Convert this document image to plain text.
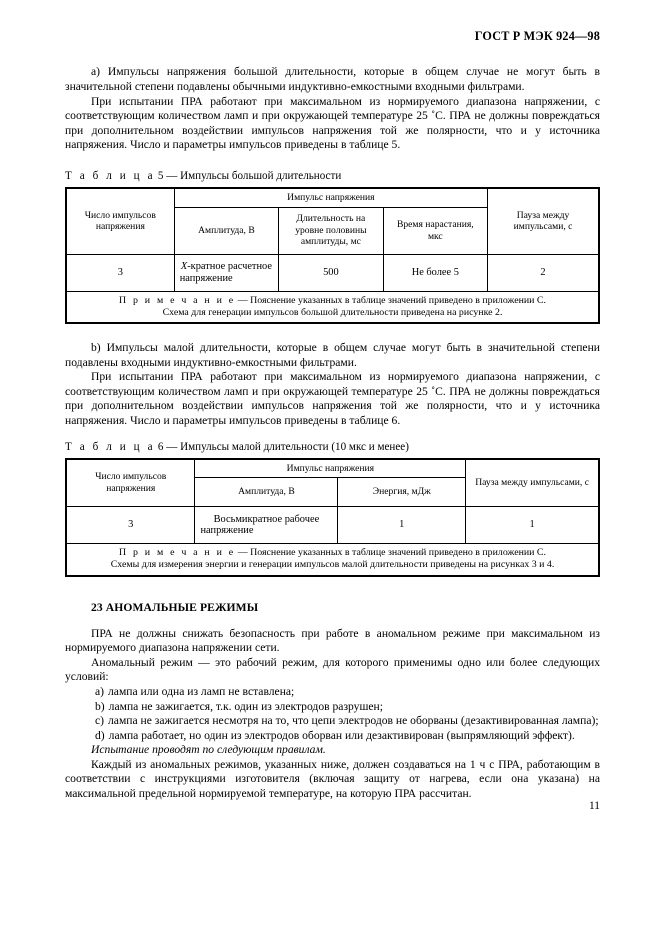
ГОСТ Р МЭК 924—98

а) Импульсы напряжения большой длительности, которые в общем случае не могут быть в значительной степени подавлены обычными индуктивно-емкостными входными фильтрами.

При испытании ПРА работают при максимальном из нормируемого диапазона напряжении, с соответствующим количеством ламп и при окружающей температуре 25 ˚С. ПРА не должны повреждаться при дополнительном воздействии импульсов напряжения той же полярности, что и у источника напряжения. Число и параметры импульсов приведены в таблице 5.

Т а б л и ц а 5 — Импульсы большой длительности
Число импульсов напряжения	Импульс напряжения			Пауза между импульсами, с
	Амплитуда, В	Длительность на уровне половины амплитуды, мс	Время нарастания, мкс	
3	X-кратное расчетное напряжение	500	Не более 5	2
П р и м е ч а н и е — Пояснение указанных в таблице значений приведено в приложении С.
Схема для генерации импульсов большой длительности приведена на рисунке 2.				

b) Импульсы малой длительности, которые в общем случае могут быть в значительной степени подавлены входными индуктивно-емкостными фильтрами.

При испытании ПРА работают при максимальном из нормируемого диапазона напряжении, с соответствующим количеством ламп и при окружающей температуре 25 ˚С. ПРА не должны повреждаться при дополнительном воздействии импульсов напряжения той же полярности, что и у источника напряжения. Число и параметры импульсов приведены в таблице 6.

Т а б л и ц а 6 — Импульсы малой длительности (10 мкс и менее)
Число импульсов напряжения	Импульс напряжения		Пауза между импульсами, с
	Амплитуда, В	Энергия, мДж	
3	Восьмикратное рабочее напряжение	1	1
П р и м е ч а н и е — Пояснение указанных в таблице значений приведено в приложении С.
Схемы для измерения энергии и генерации импульсов малой длительности приведены на рисунках 3 и 4.			
23 АНОМАЛЬНЫЕ РЕЖИМЫ

ПРА не должны снижать безопасность при работе в аномальном режиме при максимальном из нормируемого диапазона напряжении сети.

Аномальный режим — это рабочий режим, для которого применимы одно или более следующих условий:

а) лампа или одна из ламп не вставлена;

b) лампа не зажигается, т.к. один из электродов разрушен;

с) лампа не зажигается несмотря на то, что цепи электродов не оборваны (дезактивированная лампа);

d) лампа работает, но один из электродов оборван или дезактивирован (выпрямляющий эффект).

Испытание проводят по следующим правилам.

Каждый из аномальных режимов, указанных ниже, должен создаваться на 1 ч с ПРА, работающим в соответствии с инструкциями изготовителя (включая защиту от нагрева, если она указана) на максимальной предельной нормируемой температуре, на которую ПРА рассчитан.

11
